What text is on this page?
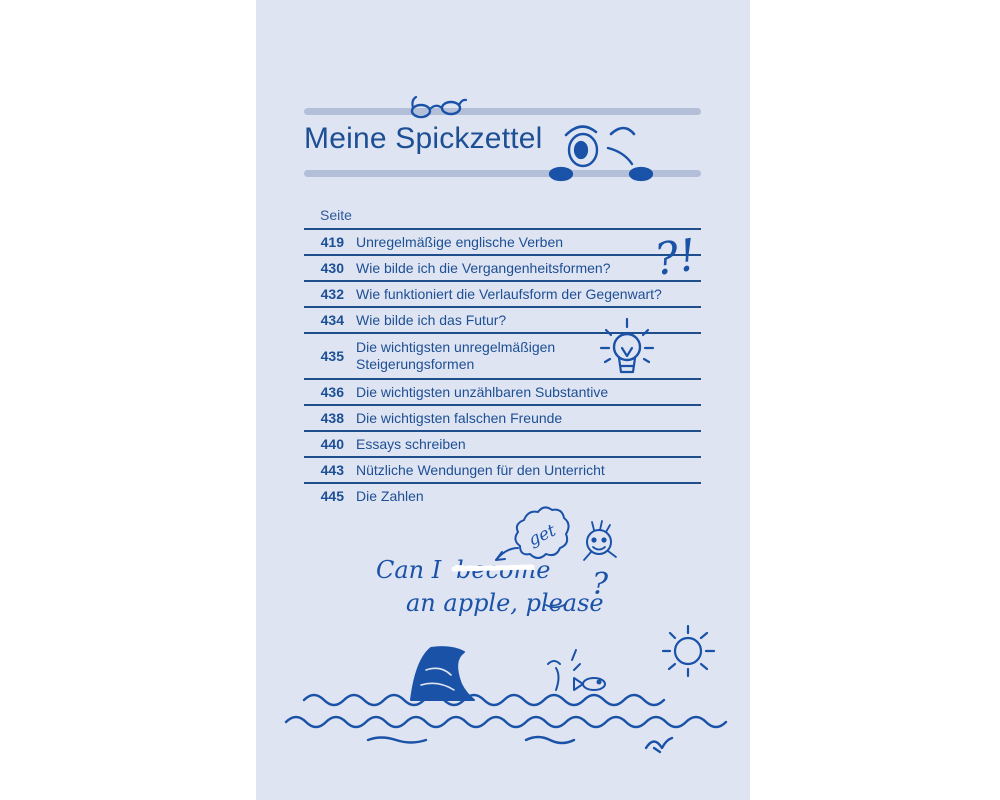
Meine Spickzettel
Seite
419 Unregelmäßige englische Verben
430 Wie bilde ich die Vergangenheitsformen?
432 Wie funktioniert die Verlaufsform der Gegenwart?
434 Wie bilde ich das Futur?
435
Die wichtigsten unregelmäßigen Steigerungsformen
436 Die wichtigsten unzählbaren Substantive
438 Die wichtigsten falschen Freunde
440 Essays schreiben
443 Nützliche Wendungen für den Unterricht
445 Die Zahlen
?!
Can I become
an apple, please
?
get
